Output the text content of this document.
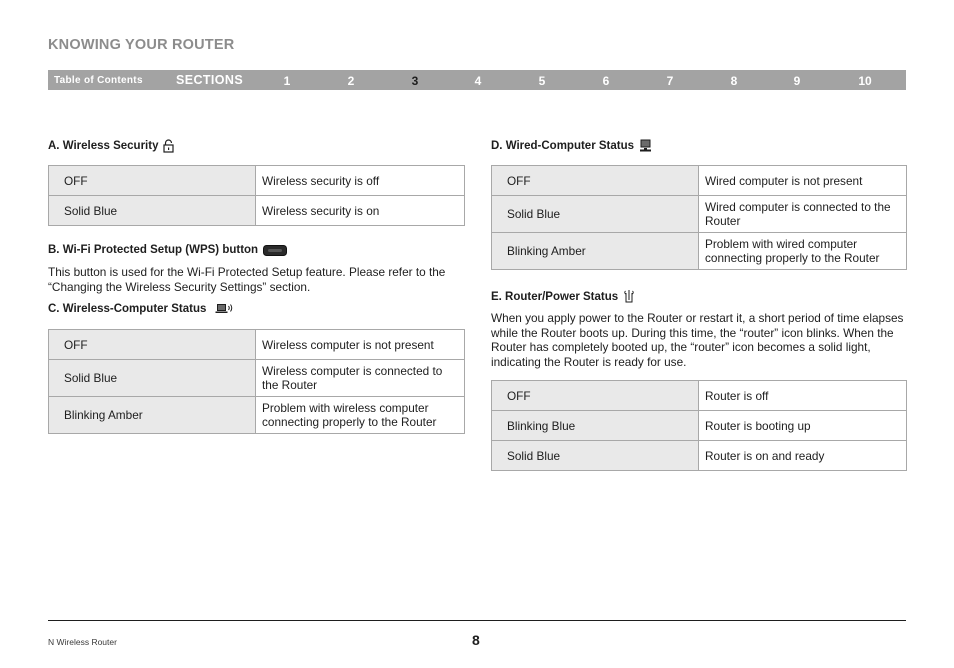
KNOWING YOUR ROUTER
Table of Contents	SECTIONS	1	2	3	4	5	6	7	8	9	10
A. Wireless Security
OFF	Wireless security is off
Solid Blue	Wireless security is on
B. Wi-Fi Protected Setup (WPS) button
This button is used for the Wi-Fi Protected Setup feature. Please refer to the “Changing the Wireless Security Settings” section.
C. Wireless-Computer Status
OFF	Wireless computer is not present
Solid Blue	Wireless computer is connected to the Router
Blinking Amber	Problem with wireless computer connecting properly to the Router
D. Wired-Computer Status
OFF	Wired computer is not present
Solid Blue	Wired computer is connected to the Router
Blinking Amber	Problem with wired computer connecting properly to the Router
E. Router/Power Status
When you apply power to the Router or restart it, a short period of time elapses while the Router boots up. During this time, the “router” icon blinks. When the Router has completely booted up, the “router” icon becomes a solid light, indicating the Router is ready for use.
OFF	Router is off
Blinking Blue	Router is booting up
Solid Blue	Router is on and ready
N Wireless Router	8
